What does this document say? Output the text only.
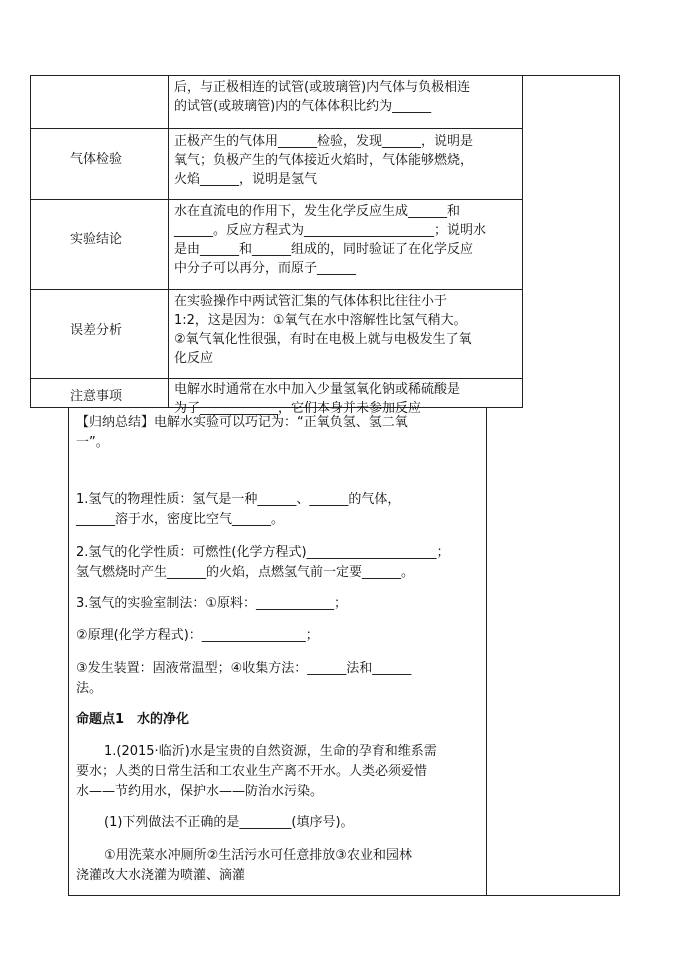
后，与正极相连的试管(或玻璃管)内气体与负极相连
的试管(或玻璃管)内的气体体积比约为______
气体检验
正极产生的气体用______检验，发现______，说明是
氧气；负极产生的气体接近火焰时，气体能够燃烧，
火焰______，说明是氢气
实验结论
水在直流电的作用下，发生化学反应生成______和
______。反应方程式为____________________；说明水
是由______和______组成的，同时验证了在化学反应
中分子可以再分，而原子______
误差分析
在实验操作中两试管汇集的气体体积比往往小于
1:2，这是因为：①氧气在水中溶解性比氢气稍大。
②氧气氧化性很强，有时在电极上就与电极发生了氧
化反应
注意事项	电解水时通常在水中加入少量氢氧化钠或稀硫酸是
为了____________，它们本身并未参加反应
【归纳总结】电解水实验可以巧记为：“正氧负氢、氢二氧
一”。
1.氢气的物理性质：氢气是一种______、______的气体，
______溶于水，密度比空气______。
2.氢气的化学性质：可燃性(化学方程式)____________________；
氢气燃烧时产生______的火焰，点燃氢气前一定要______。
3.氢气的实验室制法：①原料：____________；
②原理(化学方程式)：________________；
③发生装置：固液常温型；④收集方法：______法和______
法。
命题点1　水的净化
1.(2015·临沂)水是宝贵的自然资源，生命的孕育和维系需
要水；人类的日常生活和工农业生产离不开水。人类必须爱惜
水——节约用水，保护水——防治水污染。
(1)下列做法不正确的是________(填序号)。
①用洗菜水冲厕所②生活污水可任意排放③农业和园林
浇灌改大水浇灌为喷灌、滴灌
